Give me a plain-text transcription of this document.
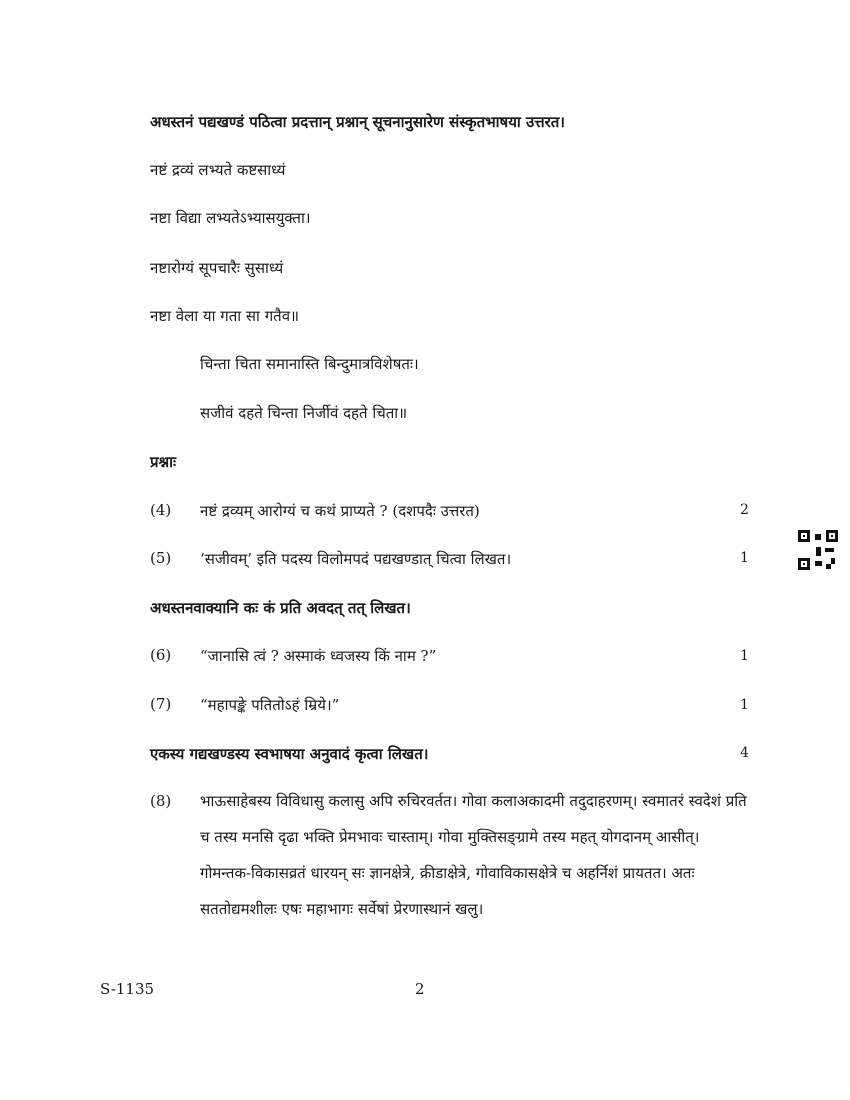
अधस्तनं पद्यखण्डं पठित्वा प्रदत्तान् प्रश्नान् सूचनानुसारेण संस्कृतभाषया उत्तरत।
नष्टं द्रव्यं लभ्यते कष्टसाध्यं
नष्टा विद्या लभ्यतेऽभ्यासयुक्ता।
नष्टारोग्यं सूपचारैः सुसाध्यं
नष्टा वेला या गता सा गतैव॥
चिन्ता चिता समानास्ति बिन्दुमात्रविशेषतः।
सजीवं दहते चिन्ता निर्जीवं दहते चिता॥
प्रश्नाः
(4) नष्टं द्रव्यम् आरोग्यं च कथं प्राप्यते ? (दशपदैः उत्तरत)	2
(5) ‘सजीवम्’ इति पदस्य विलोमपदं पद्यखण्डात् चित्वा लिखत।	1
अधस्तनवाक्यानि कः कं प्रति अवदत् तत् लिखत।
(6) “जानासि त्वं ? अस्माकं ध्वजस्य किं नाम ?”	1
(7) “महापङ्के पतितोऽहं म्रिये।”	1
एकस्य गद्यखण्डस्य स्वभाषया अनुवादं कृत्वा लिखत।	4
(8) भाऊसाहेबस्य विविधासु कलासु अपि रुचिरवर्तत। गोवा कलाअकादमी तदुदाहरणम्। स्वमातरं स्वदेशं प्रति च तस्य मनसि दृढा भक्ति प्रेमभावः चास्ताम्। गोवा मुक्तिसङ्ग्रामे तस्य महत् योगदानम् आसीत्। गोमन्तक-विकासव्रतं धारयन् सः ज्ञानक्षेत्रे, क्रीडाक्षेत्रे, गोवाविकासक्षेत्रे च अहर्निशं प्रायतत। अतः सततोद्यमशीलः एषः महाभागः सर्वेषां प्रेरणास्थानं खलु।
S-1135	2
